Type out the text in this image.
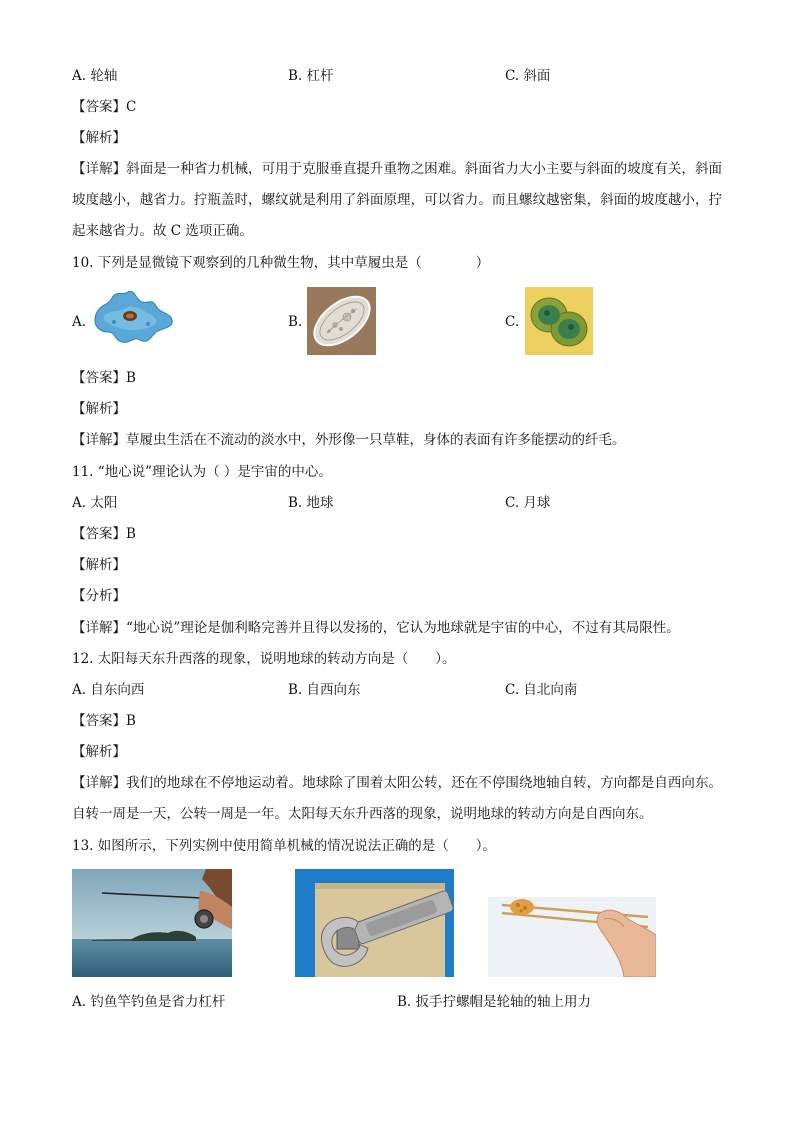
A. 轮轴	B. 杠杆	C. 斜面
【答案】C
【解析】
【详解】斜面是一种省力机械，可用于克服垂直提升重物之困难。斜面省力大小主要与斜面的坡度有关，斜面坡度越小，越省力。拧瓶盖时，螺纹就是利用了斜面原理，可以省力。而且螺纹越密集，斜面的坡度越小，拧起来越省力。故 C 选项正确。
10. 下列是显微镜下观察到的几种微生物，其中草履虫是（　　　　）
A.	B.	C.
【答案】B
【解析】
【详解】草履虫生活在不流动的淡水中，外形像一只草鞋，身体的表面有许多能摆动的纤毛。
11. “地心说”理论认为（ ）是宇宙的中心。
A. 太阳	B. 地球	C. 月球
【答案】B
【解析】
【分析】
【详解】“地心说”理论是伽利略完善并且得以发扬的，它认为地球就是宇宙的中心，不过有其局限性。
12. 太阳每天东升西落的现象，说明地球的转动方向是（　　）。
A. 自东向西	B. 自西向东	C. 自北向南
【答案】B
【解析】
【详解】我们的地球在不停地运动着。地球除了围着太阳公转，还在不停围绕地轴自转，方向都是自西向东。自转一周是一天，公转一周是一年。太阳每天东升西落的现象，说明地球的转动方向是自西向东。
13. 如图所示，下列实例中使用简单机械的情况说法正确的是（　　）。
A. 钓鱼竿钓鱼是省力杠杆	B. 扳手拧螺帽是轮轴的轴上用力
